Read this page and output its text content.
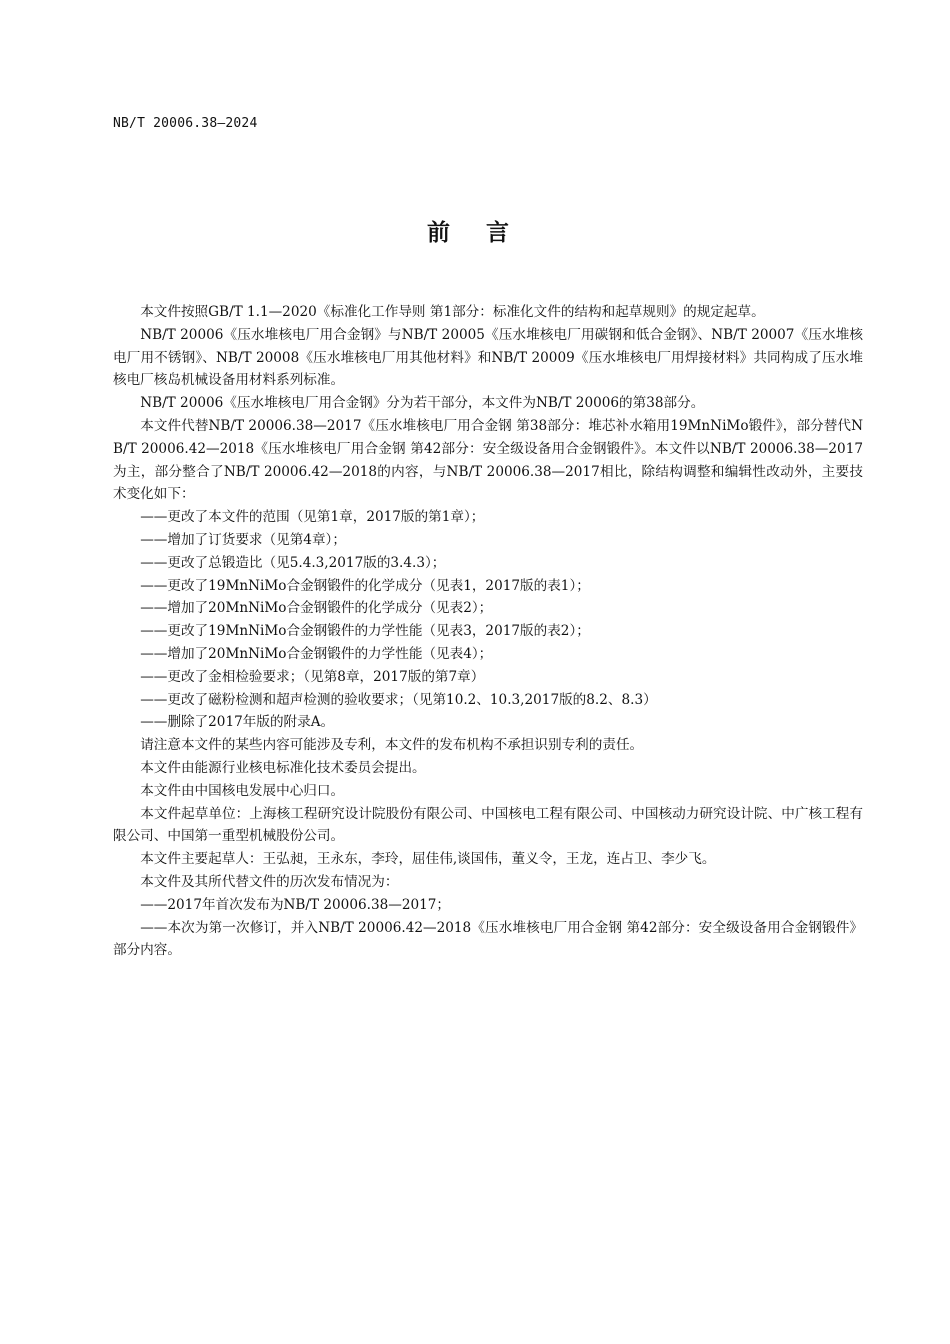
NB/T 20006.38—2024
前 言

本文件按照GB/T 1.1—2020《标准化工作导则 第1部分：标准化文件的结构和起草规则》的规定起草。

NB/T 20006《压水堆核电厂用合金钢》与NB/T 20005《压水堆核电厂用碳钢和低合金钢》、NB/T 20007《压水堆核电厂用不锈钢》、NB/T 20008《压水堆核电厂用其他材料》和NB/T 20009《压水堆核电厂用焊接材料》共同构成了压水堆核电厂核岛机械设备用材料系列标准。

NB/T 20006《压水堆核电厂用合金钢》分为若干部分，本文件为NB/T 20006的第38部分。

本文件代替NB/T 20006.38—2017《压水堆核电厂用合金钢 第38部分：堆芯补水箱用19MnNiMo锻件》，部分替代NB/T 20006.42—2018《压水堆核电厂用合金钢 第42部分：安全级设备用合金钢锻件》。本文件以NB/T 20006.38—2017为主，部分整合了NB/T 20006.42—2018的内容，与NB/T 20006.38—2017相比，除结构调整和编辑性改动外，主要技术变化如下：

——更改了本文件的范围（见第1章，2017版的第1章）；

——增加了订货要求（见第4章）；

——更改了总锻造比（见5.4.3,2017版的3.4.3）；

——更改了19MnNiMo合金钢锻件的化学成分（见表1，2017版的表1）；

——增加了20MnNiMo合金钢锻件的化学成分（见表2）；

——更改了19MnNiMo合金钢锻件的力学性能（见表3，2017版的表2）；

——增加了20MnNiMo合金钢锻件的力学性能（见表4）；

——更改了金相检验要求；（见第8章，2017版的第7章）

——更改了磁粉检测和超声检测的验收要求；（见第10.2、10.3,2017版的8.2、8.3）

——删除了2017年版的附录A。

请注意本文件的某些内容可能涉及专利，本文件的发布机构不承担识别专利的责任。

本文件由能源行业核电标准化技术委员会提出。

本文件由中国核电发展中心归口。

本文件起草单位：上海核工程研究设计院股份有限公司、中国核电工程有限公司、中国核动力研究设计院、中广核工程有限公司、中国第一重型机械股份公司。

本文件主要起草人：王弘昶，王永东，李玲，屈佳伟,谈国伟，董义令，王龙，连占卫、李少飞。

本文件及其所代替文件的历次发布情况为：

——2017年首次发布为NB/T 20006.38—2017；

——本次为第一次修订，并入NB/T 20006.42—2018《压水堆核电厂用合金钢 第42部分：安全级设备用合金钢锻件》部分内容。
